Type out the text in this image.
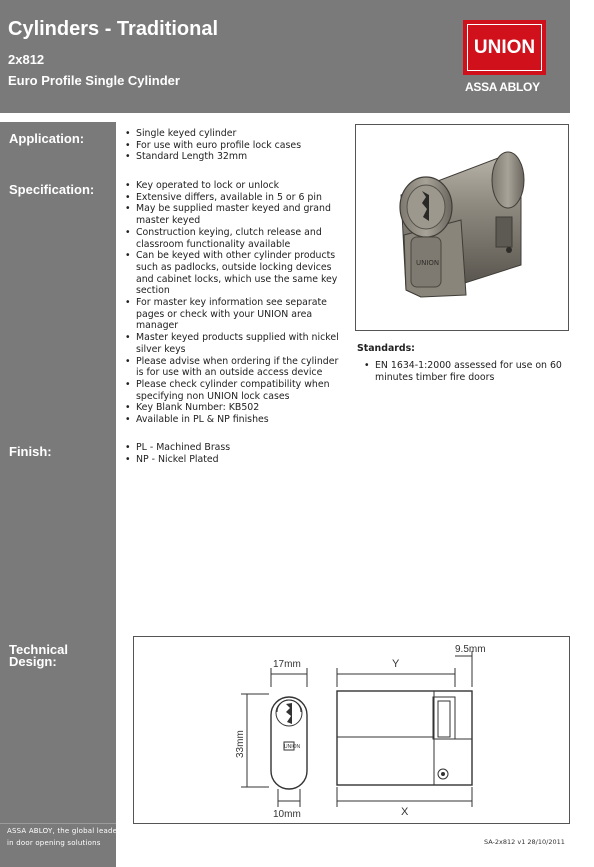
Cylinders - Traditional
2x812
Euro Profile Single Cylinder
UNION
ASSA ABLOY
Application:
Specification:
Finish:
Technical
Design:
ASSA ABLOY, the global leader
in door opening solutions
• Single keyed cylinder
• For use with euro profile lock cases
• Standard Length 32mm
• Key operated to lock or unlock
• Extensive differs, available in 5 or 6 pin
• May be supplied master keyed and grand master keyed
• Construction keying, clutch release and classroom functionality available
• Can be keyed with other cylinder products such as padlocks, outside locking devices and cabinet locks, which use the same key section
• For master key information see separate pages or check with your UNION area manager
• Master keyed products supplied with nickel silver keys
• Please advise when ordering if the cylinder is for use with an outside access device
• Please check cylinder compatibility when specifying non UNION lock cases
• Key Blank Number: KB502
• Available in PL & NP finishes
• PL - Machined Brass
• NP - Nickel Plated
UNION
Standards:
• EN 1634-1:2000 assessed for use on 60 minutes timber fire doors
UNION
17mm	Y
9.5mm
33mm
10mm	X
SA-2x812 v1 28/10/2011
